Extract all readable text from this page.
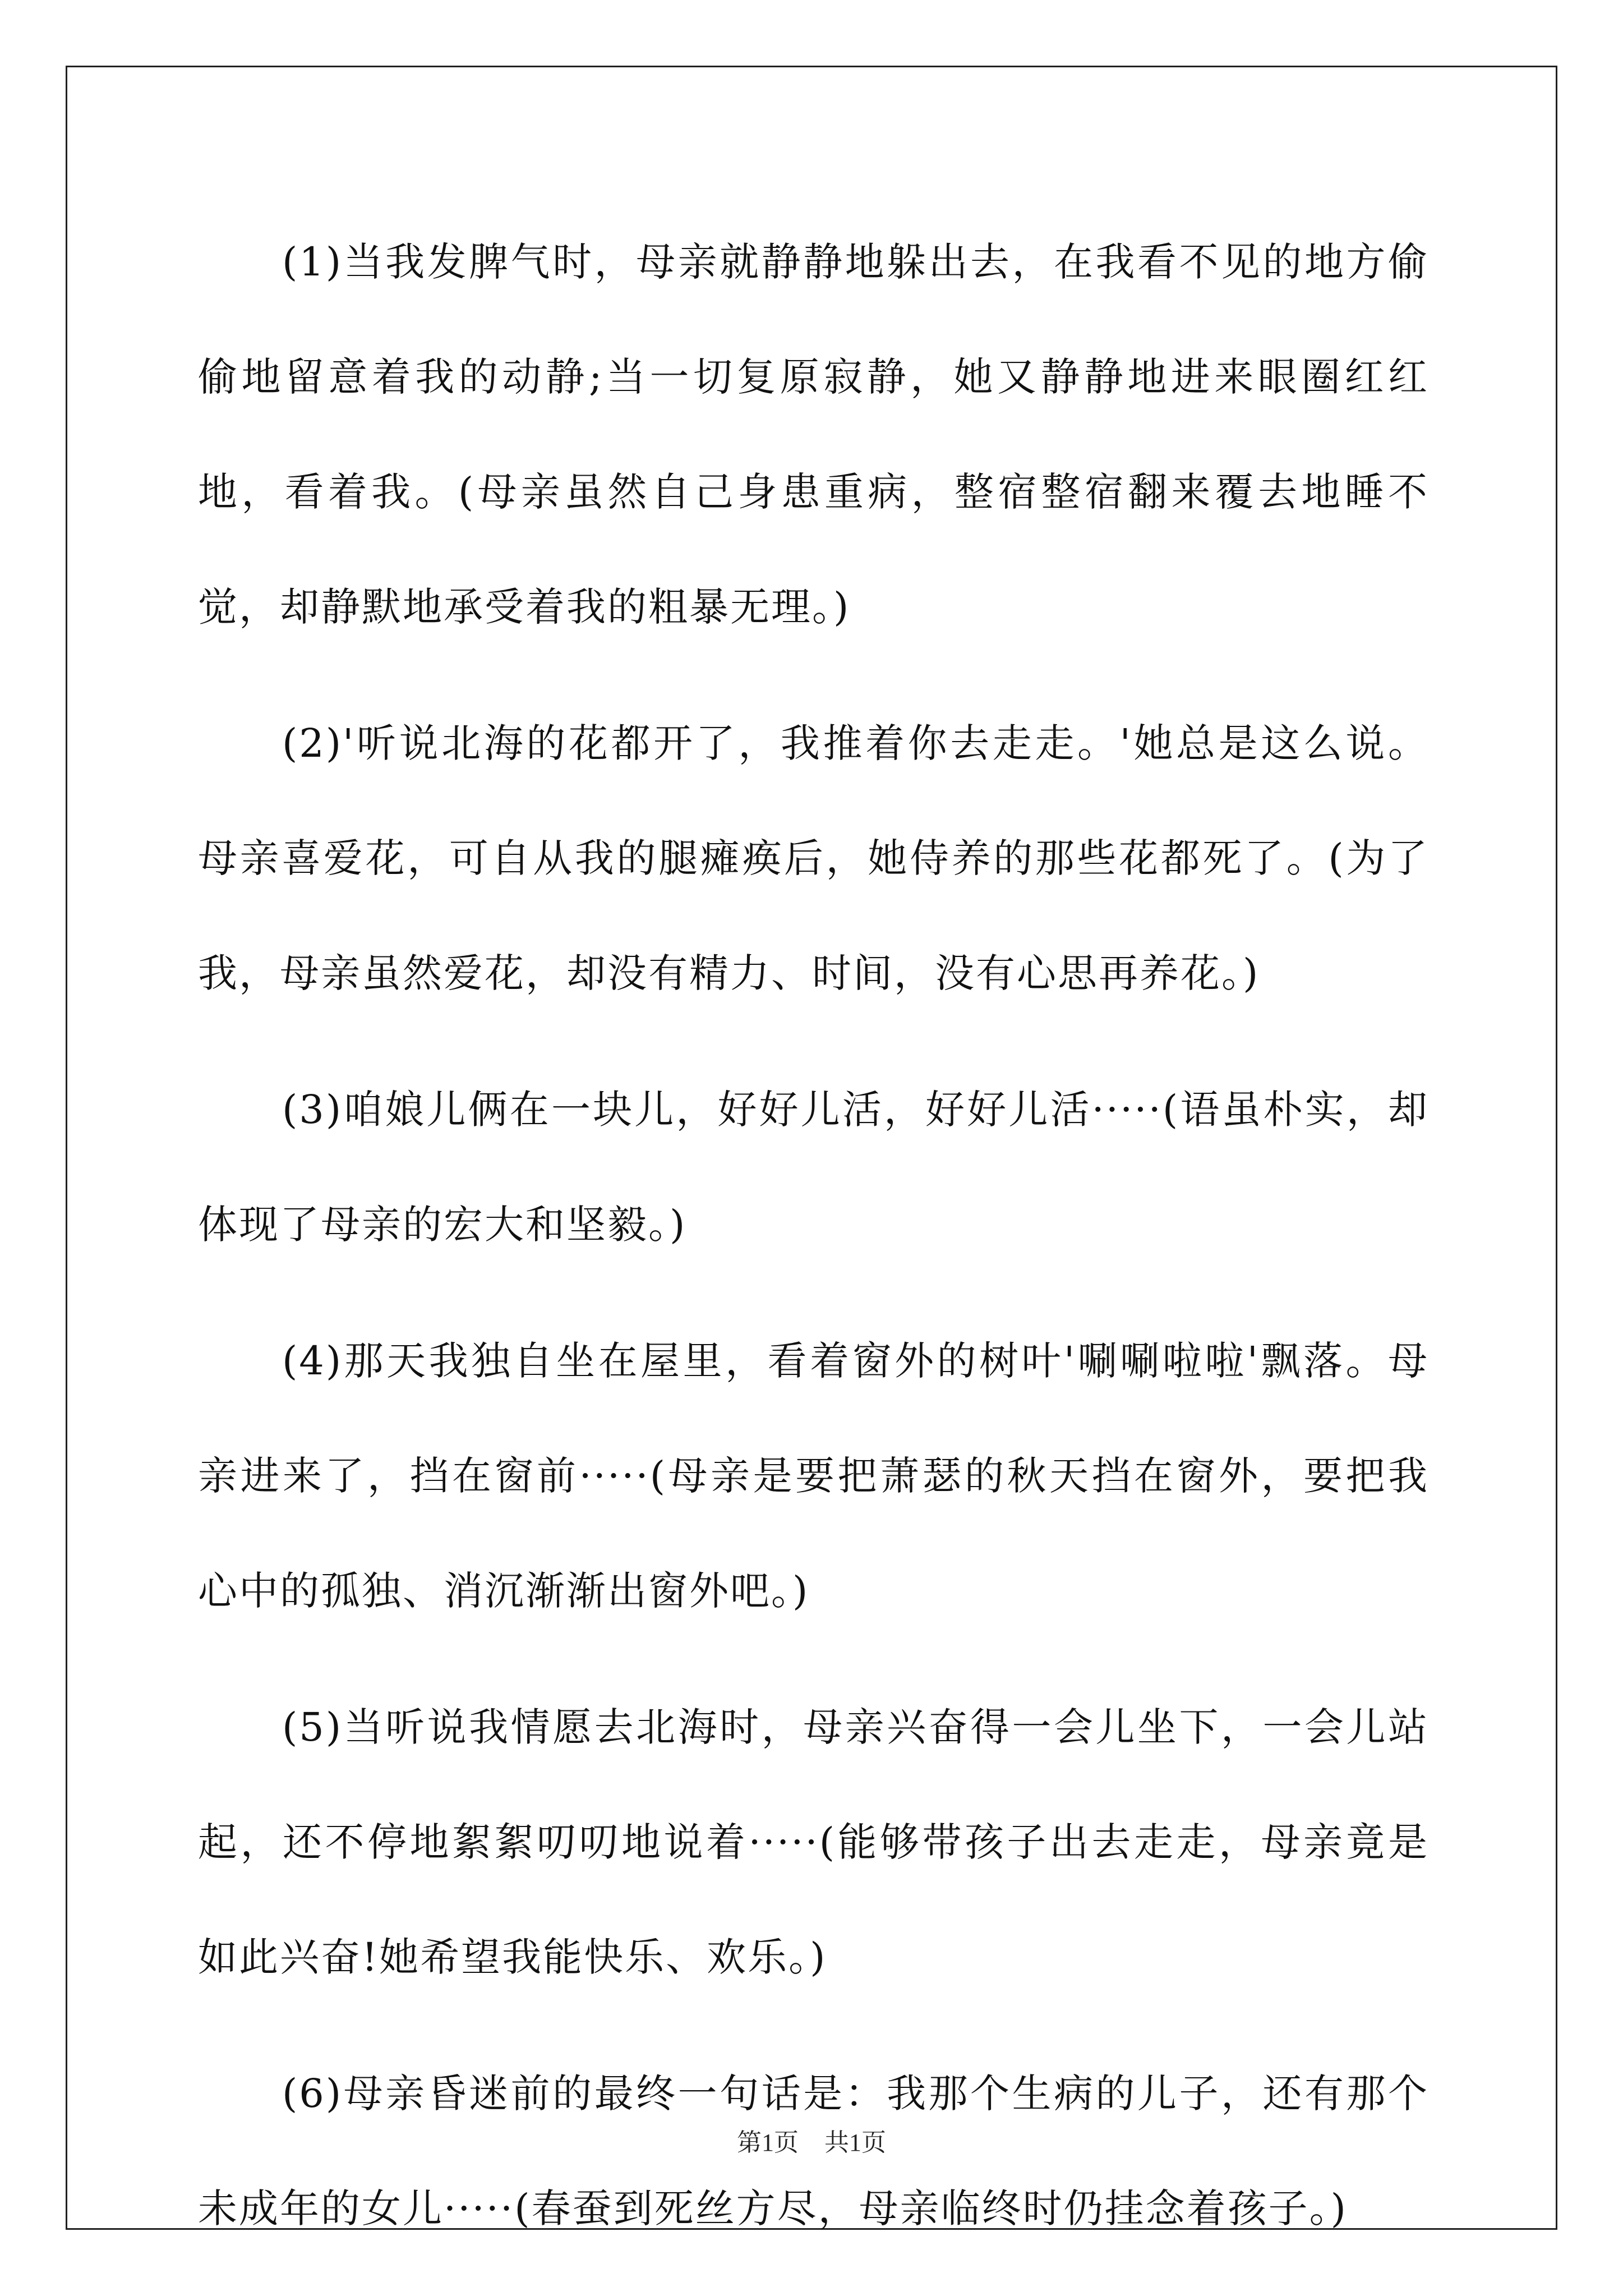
(1)当我发脾气时，母亲就静静地躲出去，在我看不见的地方偷偷地留意着我的动静;当一切复原寂静，她又静静地进来眼圈红红地，看着我。(母亲虽然自己身患重病，整宿整宿翻来覆去地睡不觉，却静默地承受着我的粗暴无理。)

(2)'听说北海的花都开了，我推着你去走走。'她总是这么说。母亲喜爱花，可自从我的腿瘫痪后，她侍养的那些花都死了。(为了我，母亲虽然爱花，却没有精力、时间，没有心思再养花。)

(3)咱娘儿俩在一块儿，好好儿活，好好儿活·····(语虽朴实，却体现了母亲的宏大和坚毅。)

(4)那天我独自坐在屋里，看着窗外的树叶'唰唰啦啦'飘落。母亲进来了，挡在窗前·····(母亲是要把萧瑟的秋天挡在窗外，要把我心中的孤独、消沉渐渐出窗外吧。)

(5)当听说我情愿去北海时，母亲兴奋得一会儿坐下，一会儿站起，还不停地絮絮叨叨地说着·····(能够带孩子出去走走，母亲竟是如此兴奋!她希望我能快乐、欢乐。)

(6)母亲昏迷前的最终一句话是：我那个生病的儿子，还有那个未成年的女儿·····(春蚕到死丝方尽，母亲临终时仍挂念着孩子。)

第1页 共1页
